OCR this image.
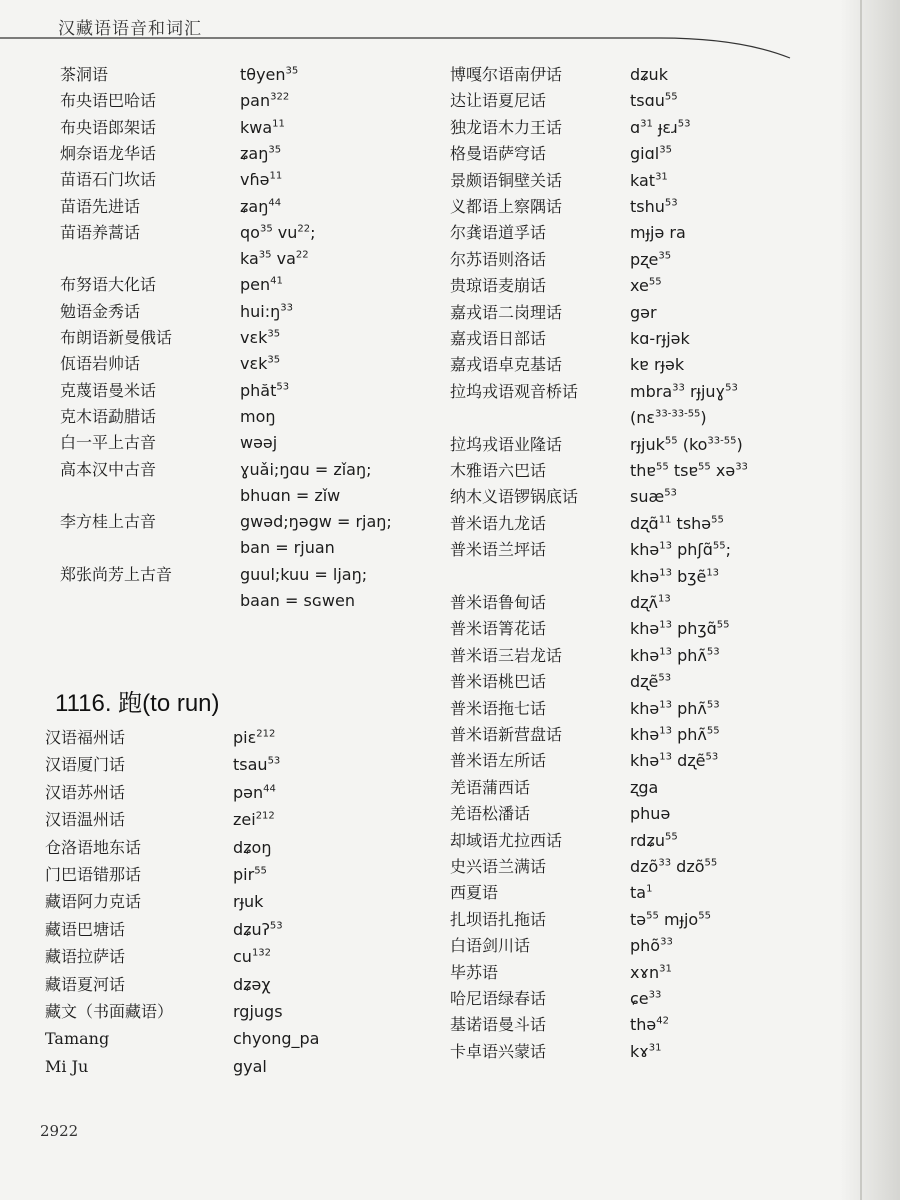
汉藏语语音和词汇
茶洞语	tθyen$^{35}$
布央语巴哈话	pan$^{322}$
布央语郎架话	kwa$^{11}$
炯奈语龙华话	ʑaŋ$^{35}$
苗语石门坎话	vɦə$^{11}$
苗语先进话	ʑaŋ$^{44}$
苗语养蒿话	$qo^{35}$ $vu^{22}$;
$ka^{35}$ $va^{22}$
布努语大化话	pen$^{41}$
勉语金秀话	$hui:ŋ^{33}$
布朗语新曼俄话	vɛk$^{35}$
佤语岩帅话	vɛk$^{35}$
克蔑语曼米话	phăt$^{53}$
克木语勐腊话	moŋ
白一平上古音	wəəj
高本汉中古音	ɣuǎi;ŋɑu = zǐaŋ;
bhuɑn = zǐw
李方桂上古音	gwəd;ŋəgw = rjaŋ;
ban = rjuan
郑张尚芳上古音	guul;kuu = ljaŋ;
baan = sɢwen
1116. 跑(to run)
汉语福州话	piɛ$^{212}$
汉语厦门话	tsau$^{53}$
汉语苏州话	pən$^{44}$
汉语温州话	zei$^{212}$
仓洛语地东话	dʑoŋ
门巴语错那话	pir$^{55}$
藏语阿力克话	rɟuk
藏语巴塘话	dʑuʔ$^{53}$
藏语拉萨话	$cu^{132}$
藏语夏河话	dʑəχ
藏文（书面藏语）	rgjugs
Tamang	chyong_pa
Mi Ju	gyal
博嘎尔语南伊话	dʑuk
达让语夏尼话	tsɑu$^{55}$
独龙语木力王话	ɑ$^{31}$ ɟɛɹ$^{53}$
格曼语萨穹话	giɑl$^{35}$
景颇语铜壁关话	kat$^{31}$
义都语上察隅话	tshu$^{53}$
尔龚语道孚话	mɟjə ra
尔苏语则洛话	pʐe$^{35}$
贵琼语麦崩话	$xe^{55}$
嘉戎语二岗理话	gər
嘉戎语日部话	kɑ-rɟjək
嘉戎语卓克基话	kɐ rɟək
拉坞戎语观音桥话	mbra$^{33}$ rɟjuɣ$^{53}$
(nɛ$^{33-33-55}$)
拉坞戎语业隆话	rɟjuk$^{55}$ $(ko^{33-55})$
木雅语六巴话	thɐ$^{55}$ tsɐ$^{55}$ xə$^{33}$
纳木义语锣锅底话	suæ$^{53}$
普米语九龙话	dʐɑ̃$^{11}$ tshə$^{55}$
普米语兰坪话	khə$^{13}$ phʃɑ̃$^{55}$;
khə$^{13}$ bʒẽ$^{13}$
普米语鲁甸话	dʐʌ̃$^{13}$
普米语箐花话	khə$^{13}$ phʒɑ̃$^{55}$
普米语三岩龙话	khə$^{13}$ phʌ̃$^{53}$
普米语桃巴话	dʐẽ$^{53}$
普米语拖七话	khə$^{13}$ phʌ̃$^{53}$
普米语新营盘话	khə$^{13}$ phʌ̃$^{55}$
普米语左所话	khə$^{13}$ dʐẽ$^{53}$
羌语蒲西话	ʐga
羌语松潘话	phuə
却域语尤拉西话	rdʑu$^{55}$
史兴语兰满话	dzõ$^{33}$ dzõ$^{55}$
西夏语	$ta^1$
扎坝语扎拖话	tə$^{55}$ mɟjo$^{55}$
白语剑川话	phõ$^{33}$
毕苏语	xɤn$^{31}$
哈尼语绿春话	ɕe$^{33}$
基诺语曼斗话	thə$^{42}$
卡卓语兴蒙话	kɤ$^{31}$
2922
